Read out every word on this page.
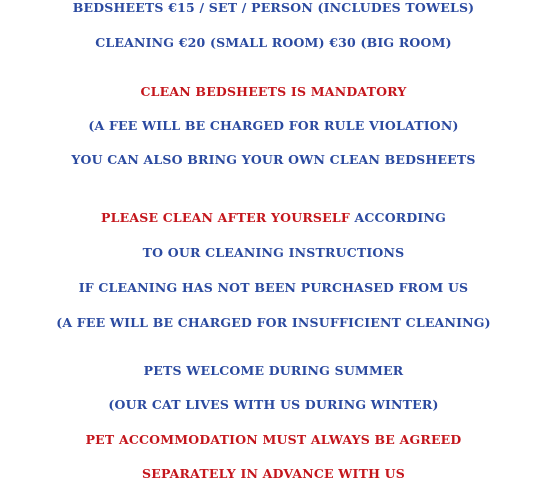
BEDSHEETS €15 / SET / PERSON (INCLUDES TOWELS)
CLEANING €20 (SMALL ROOM) €30 (BIG ROOM)
CLEAN BEDSHEETS IS MANDATORY
(A FEE WILL BE CHARGED FOR RULE VIOLATION)
YOU CAN ALSO BRING YOUR OWN CLEAN BEDSHEETS
PLEASE CLEAN AFTER YOURSELF ACCORDING
TO OUR CLEANING INSTRUCTIONS
IF CLEANING HAS NOT BEEN PURCHASED FROM US
(A FEE WILL BE CHARGED FOR INSUFFICIENT CLEANING)
PETS WELCOME DURING SUMMER
(OUR CAT LIVES WITH US DURING WINTER)
PET ACCOMMODATION MUST ALWAYS BE AGREED
SEPARATELY IN ADVANCE WITH US
